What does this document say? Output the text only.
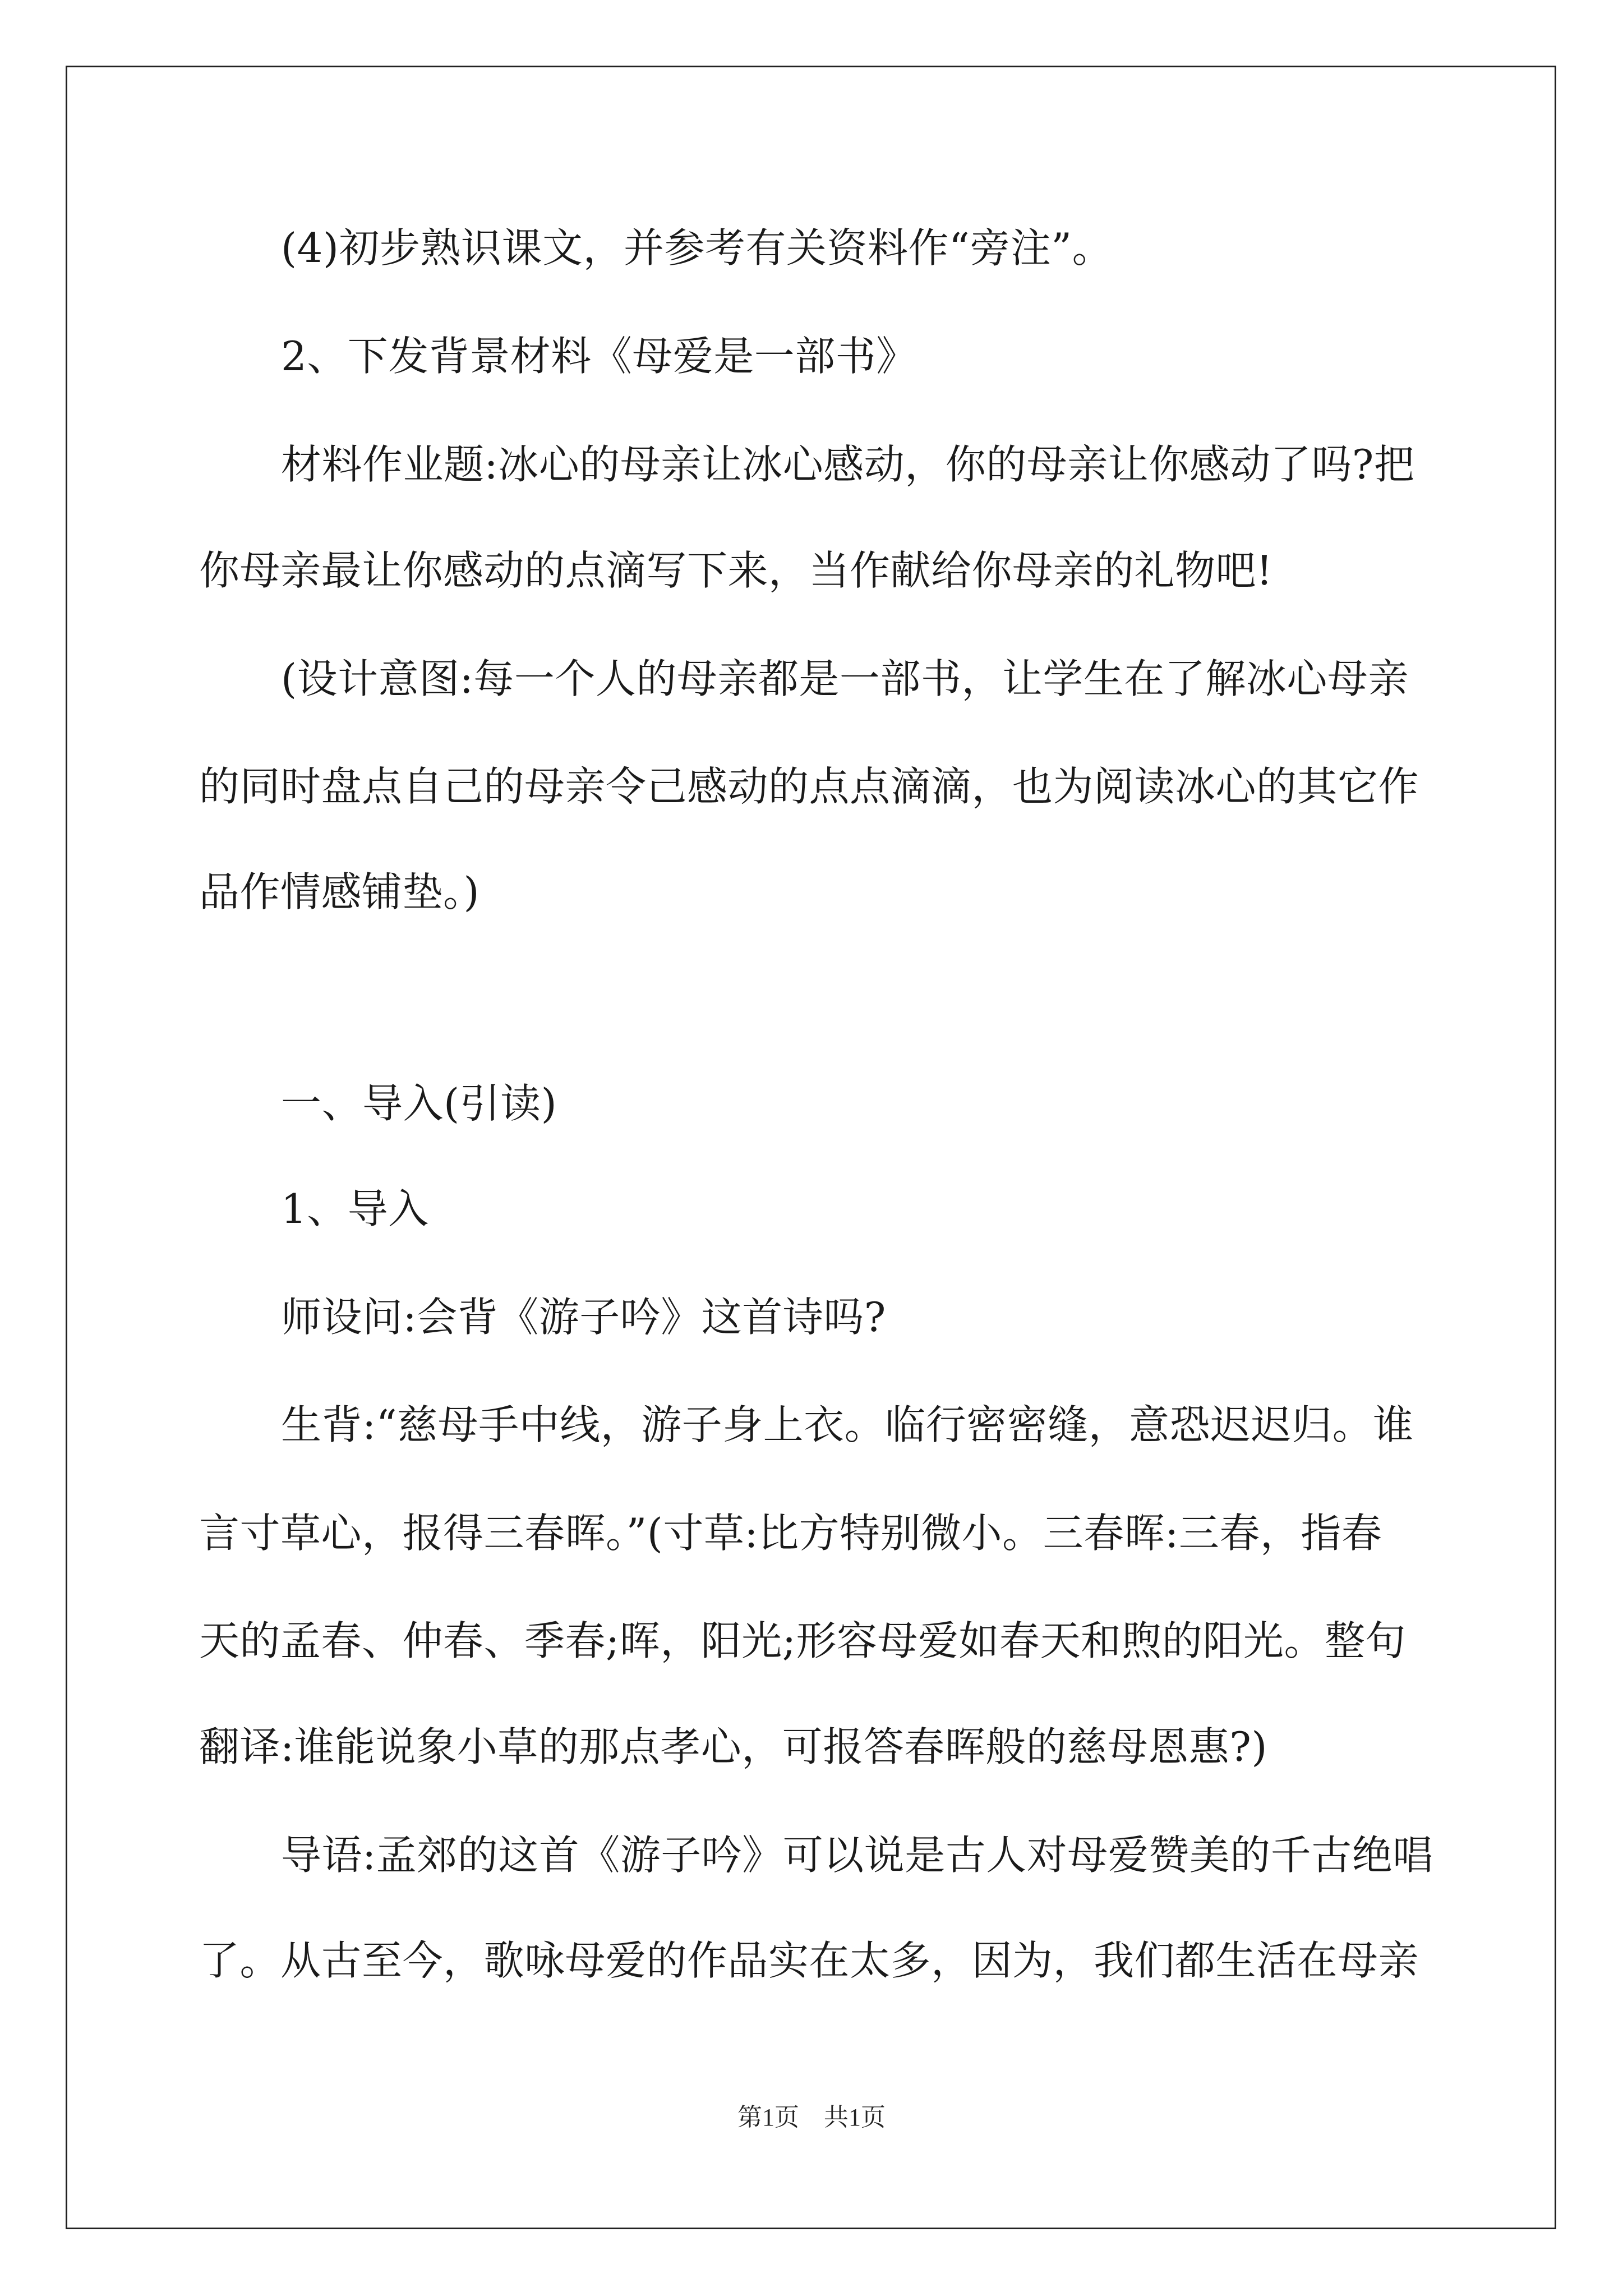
(4)初步熟识课文，并参考有关资料作“旁注”。
2、下发背景材料《母爱是一部书》
材料作业题:冰心的母亲让冰心感动，你的母亲让你感动了吗?把
你母亲最让你感动的点滴写下来，当作献给你母亲的礼物吧!
(设计意图:每一个人的母亲都是一部书，让学生在了解冰心母亲
的同时盘点自己的母亲令己感动的点点滴滴，也为阅读冰心的其它作
品作情感铺垫。)
一、导入(引读)
1、导入
师设问:会背《游子吟》这首诗吗?
生背:“慈母手中线，游子身上衣。临行密密缝，意恐迟迟归。谁
言寸草心，报得三春晖。”(寸草:比方特别微小。三春晖:三春，指春
天的孟春、仲春、季春;晖，阳光;形容母爱如春天和煦的阳光。整句
翻译:谁能说象小草的那点孝心，可报答春晖般的慈母恩惠?)
导语:孟郊的这首《游子吟》可以说是古人对母爱赞美的千古绝唱
了。从古至今，歌咏母爱的作品实在太多，因为，我们都生活在母亲
第1页　共1页
